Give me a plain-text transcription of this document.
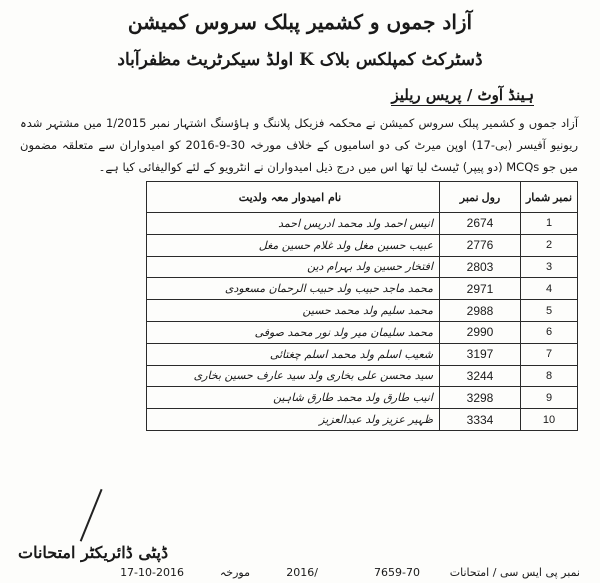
آزاد جموں و کشمیر پبلک سروس کمیشن
ڈسٹرکٹ کمپلکس بلاک K اولڈ سیکرٹریٹ مظفرآباد
ہینڈ آوٹ / پریس ریلیز
آزاد جموں و کشمیر پبلک سروس کمیشن نے محکمہ فزیکل پلاننگ و ہاؤسنگ اشتہار نمبر 1/2015 میں مشتہر شدہ ریونیو آفیسر (بی-17) اوپن میرٹ کی دو اسامیوں کے خلاف مورخہ 30-9-2016 کو امیدواران سے متعلقہ مضمون میں جو MCQs (دو پیپر) ٹیسٹ لیا تھا اس میں درج ذیل امیدواران نے انٹرویو کے لئے کوالیفائی کیا ہے۔
نمبر شمار	رول نمبر	نام امیدوار معہ ولدیت
1	2674	انیس احمد ولد محمد ادریس احمد
2	2776	عبیب حسین مغل ولد غلام حسین مغل
3	2803	افتخار حسین ولد بہرام دین
4	2971	محمد ماجد حبیب ولد حبیب الرحمان مسعودی
5	2988	محمد سلیم ولد محمد حسین
6	2990	محمد سلیمان میر ولد نور محمد صوفی
7	3197	شعیب اسلم ولد محمد اسلم چغتائی
8	3244	سید محسن علی بخاری ولد سید عارف حسین بخاری
9	3298	انیب طارق ولد محمد طارق شاہین
10	3334	ظہیر عزیز ولد عبدالعزیز
ڈپٹی ڈائریکٹر امتحانات
نمبر پی ایس سی / امتحانات
7659-70
2016/
مورخہ
17-10-2016
